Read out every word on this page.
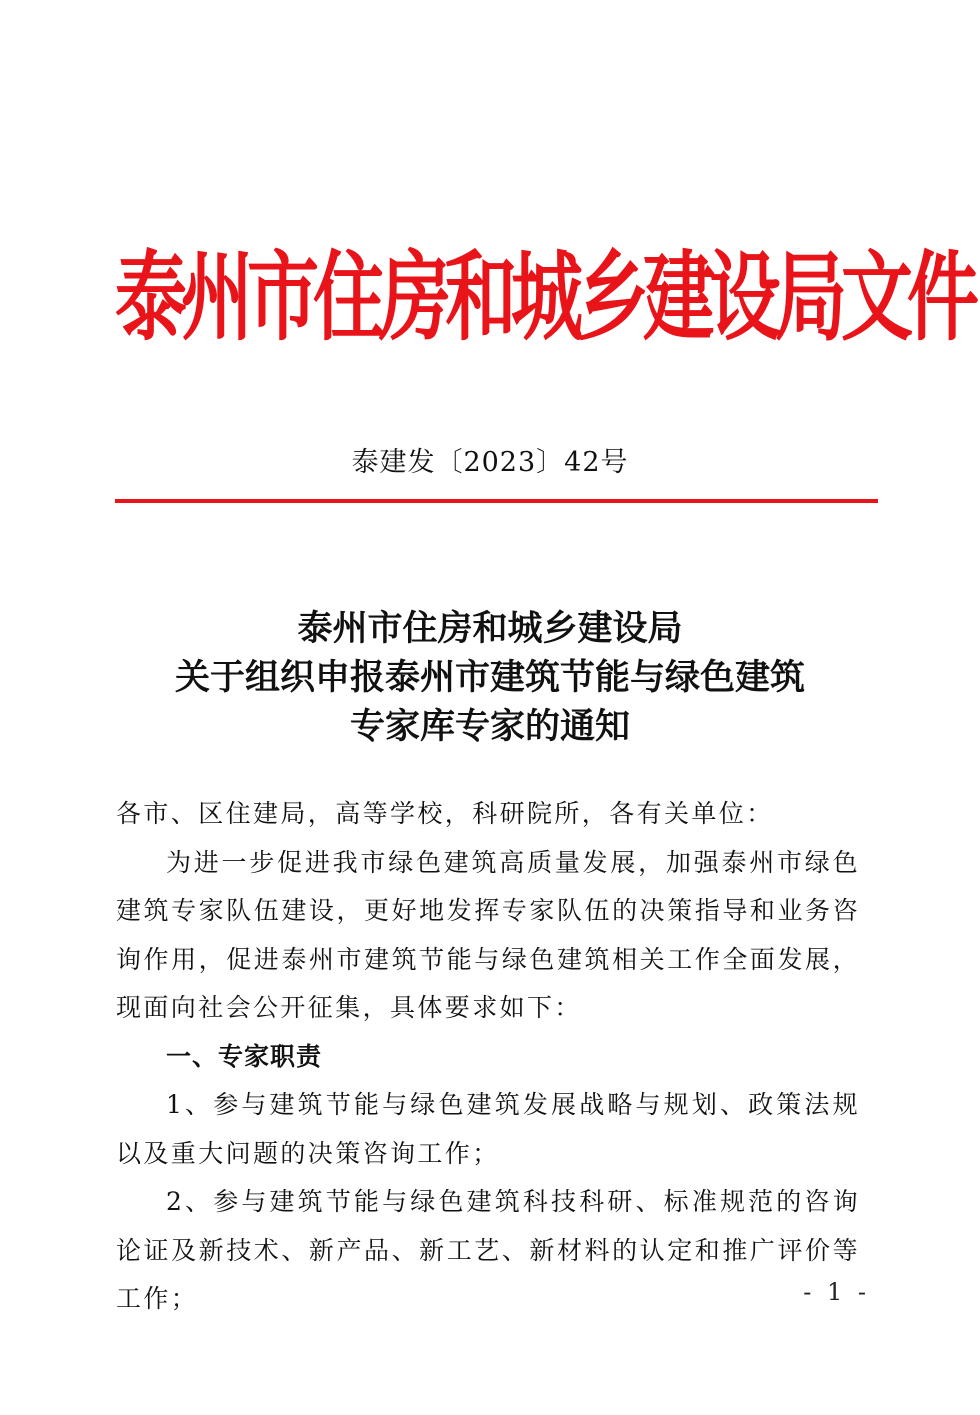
泰州市住房和城乡建设局文件
泰建发〔2023〕42号
泰州市住房和城乡建设局
关于组织申报泰州市建筑节能与绿色建筑
专家库专家的通知

各市、区住建局，高等学校，科研院所，各有关单位：

为进一步促进我市绿色建筑高质量发展，加强泰州市绿色建筑专家队伍建设，更好地发挥专家队伍的决策指导和业务咨询作用，促进泰州市建筑节能与绿色建筑相关工作全面发展，现面向社会公开征集，具体要求如下：

一、专家职责

1、参与建筑节能与绿色建筑发展战略与规划、政策法规以及重大问题的决策咨询工作；

2、参与建筑节能与绿色建筑科技科研、标准规范的咨询论证及新技术、新产品、新工艺、新材料的认定和推广评价等工作；	- 1 -
